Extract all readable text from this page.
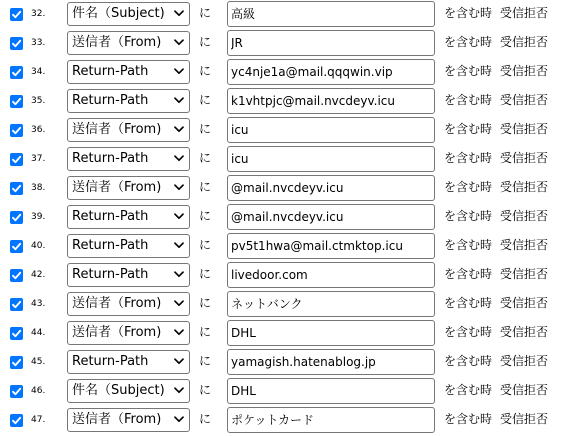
32.	件名（Subject)	に 高級	を含む時 受信拒否
33.	送信者（From)	に JR	を含む時 受信拒否
34.	Return-Path	に yc4nje1a@mail.qqqwin.vip	を含む時 受信拒否
35.	Return-Path	に k1vhtpjc@mail.nvcdeyv.icu	を含む時 受信拒否
36.	送信者（From)	に icu	を含む時 受信拒否
37.	Return-Path	に icu	を含む時 受信拒否
38.	送信者（From)	に @mail.nvcdeyv.icu	を含む時 受信拒否
39.	Return-Path	に @mail.nvcdeyv.icu	を含む時 受信拒否
40.	Return-Path	に pv5t1hwa@mail.ctmktop.icu	を含む時 受信拒否
42.	Return-Path	に livedoor.com	を含む時 受信拒否
43.	送信者（From)	に ネットバンク	を含む時 受信拒否
44.	送信者（From)	に DHL	を含む時 受信拒否
45.	Return-Path	に yamagish.hatenablog.jp	を含む時 受信拒否
46.	件名（Subject)	に DHL	を含む時 受信拒否
47.	送信者（From)	に ポケットカード	を含む時 受信拒否
